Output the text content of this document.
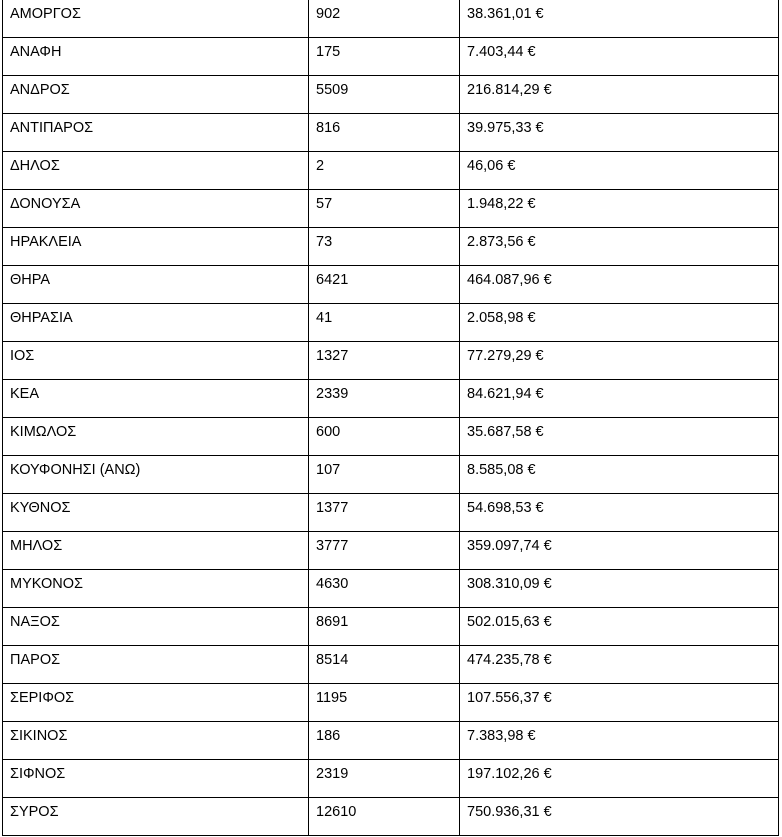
ΑΜΟΡΓΟΣ	902	38.361,01 €
ΑΝΑΦΗ	175	7.403,44 €
ΑΝΔΡΟΣ	5509	216.814,29 €
ΑΝΤΙΠΑΡΟΣ	816	39.975,33 €
ΔΗΛΟΣ	2	46,06 €
ΔΟΝΟΥΣΑ	57	1.948,22 €
ΗΡΑΚΛΕΙΑ	73	2.873,56 €
ΘΗΡΑ	6421	464.087,96 €
ΘΗΡΑΣΙΑ	41	2.058,98 €
ΙΟΣ	1327	77.279,29 €
ΚΕΑ	2339	84.621,94 €
ΚΙΜΩΛΟΣ	600	35.687,58 €
ΚΟΥΦΟΝΗΣΙ (ΑΝΩ)	107	8.585,08 €
ΚΥΘΝΟΣ	1377	54.698,53 €
ΜΗΛΟΣ	3777	359.097,74 €
ΜΥΚΟΝΟΣ	4630	308.310,09 €
ΝΑΞΟΣ	8691	502.015,63 €
ΠΑΡΟΣ	8514	474.235,78 €
ΣΕΡΙΦΟΣ	1195	107.556,37 €
ΣΙΚΙΝΟΣ	186	7.383,98 €
ΣΙΦΝΟΣ	2319	197.102,26 €
ΣΥΡΟΣ	12610	750.936,31 €
